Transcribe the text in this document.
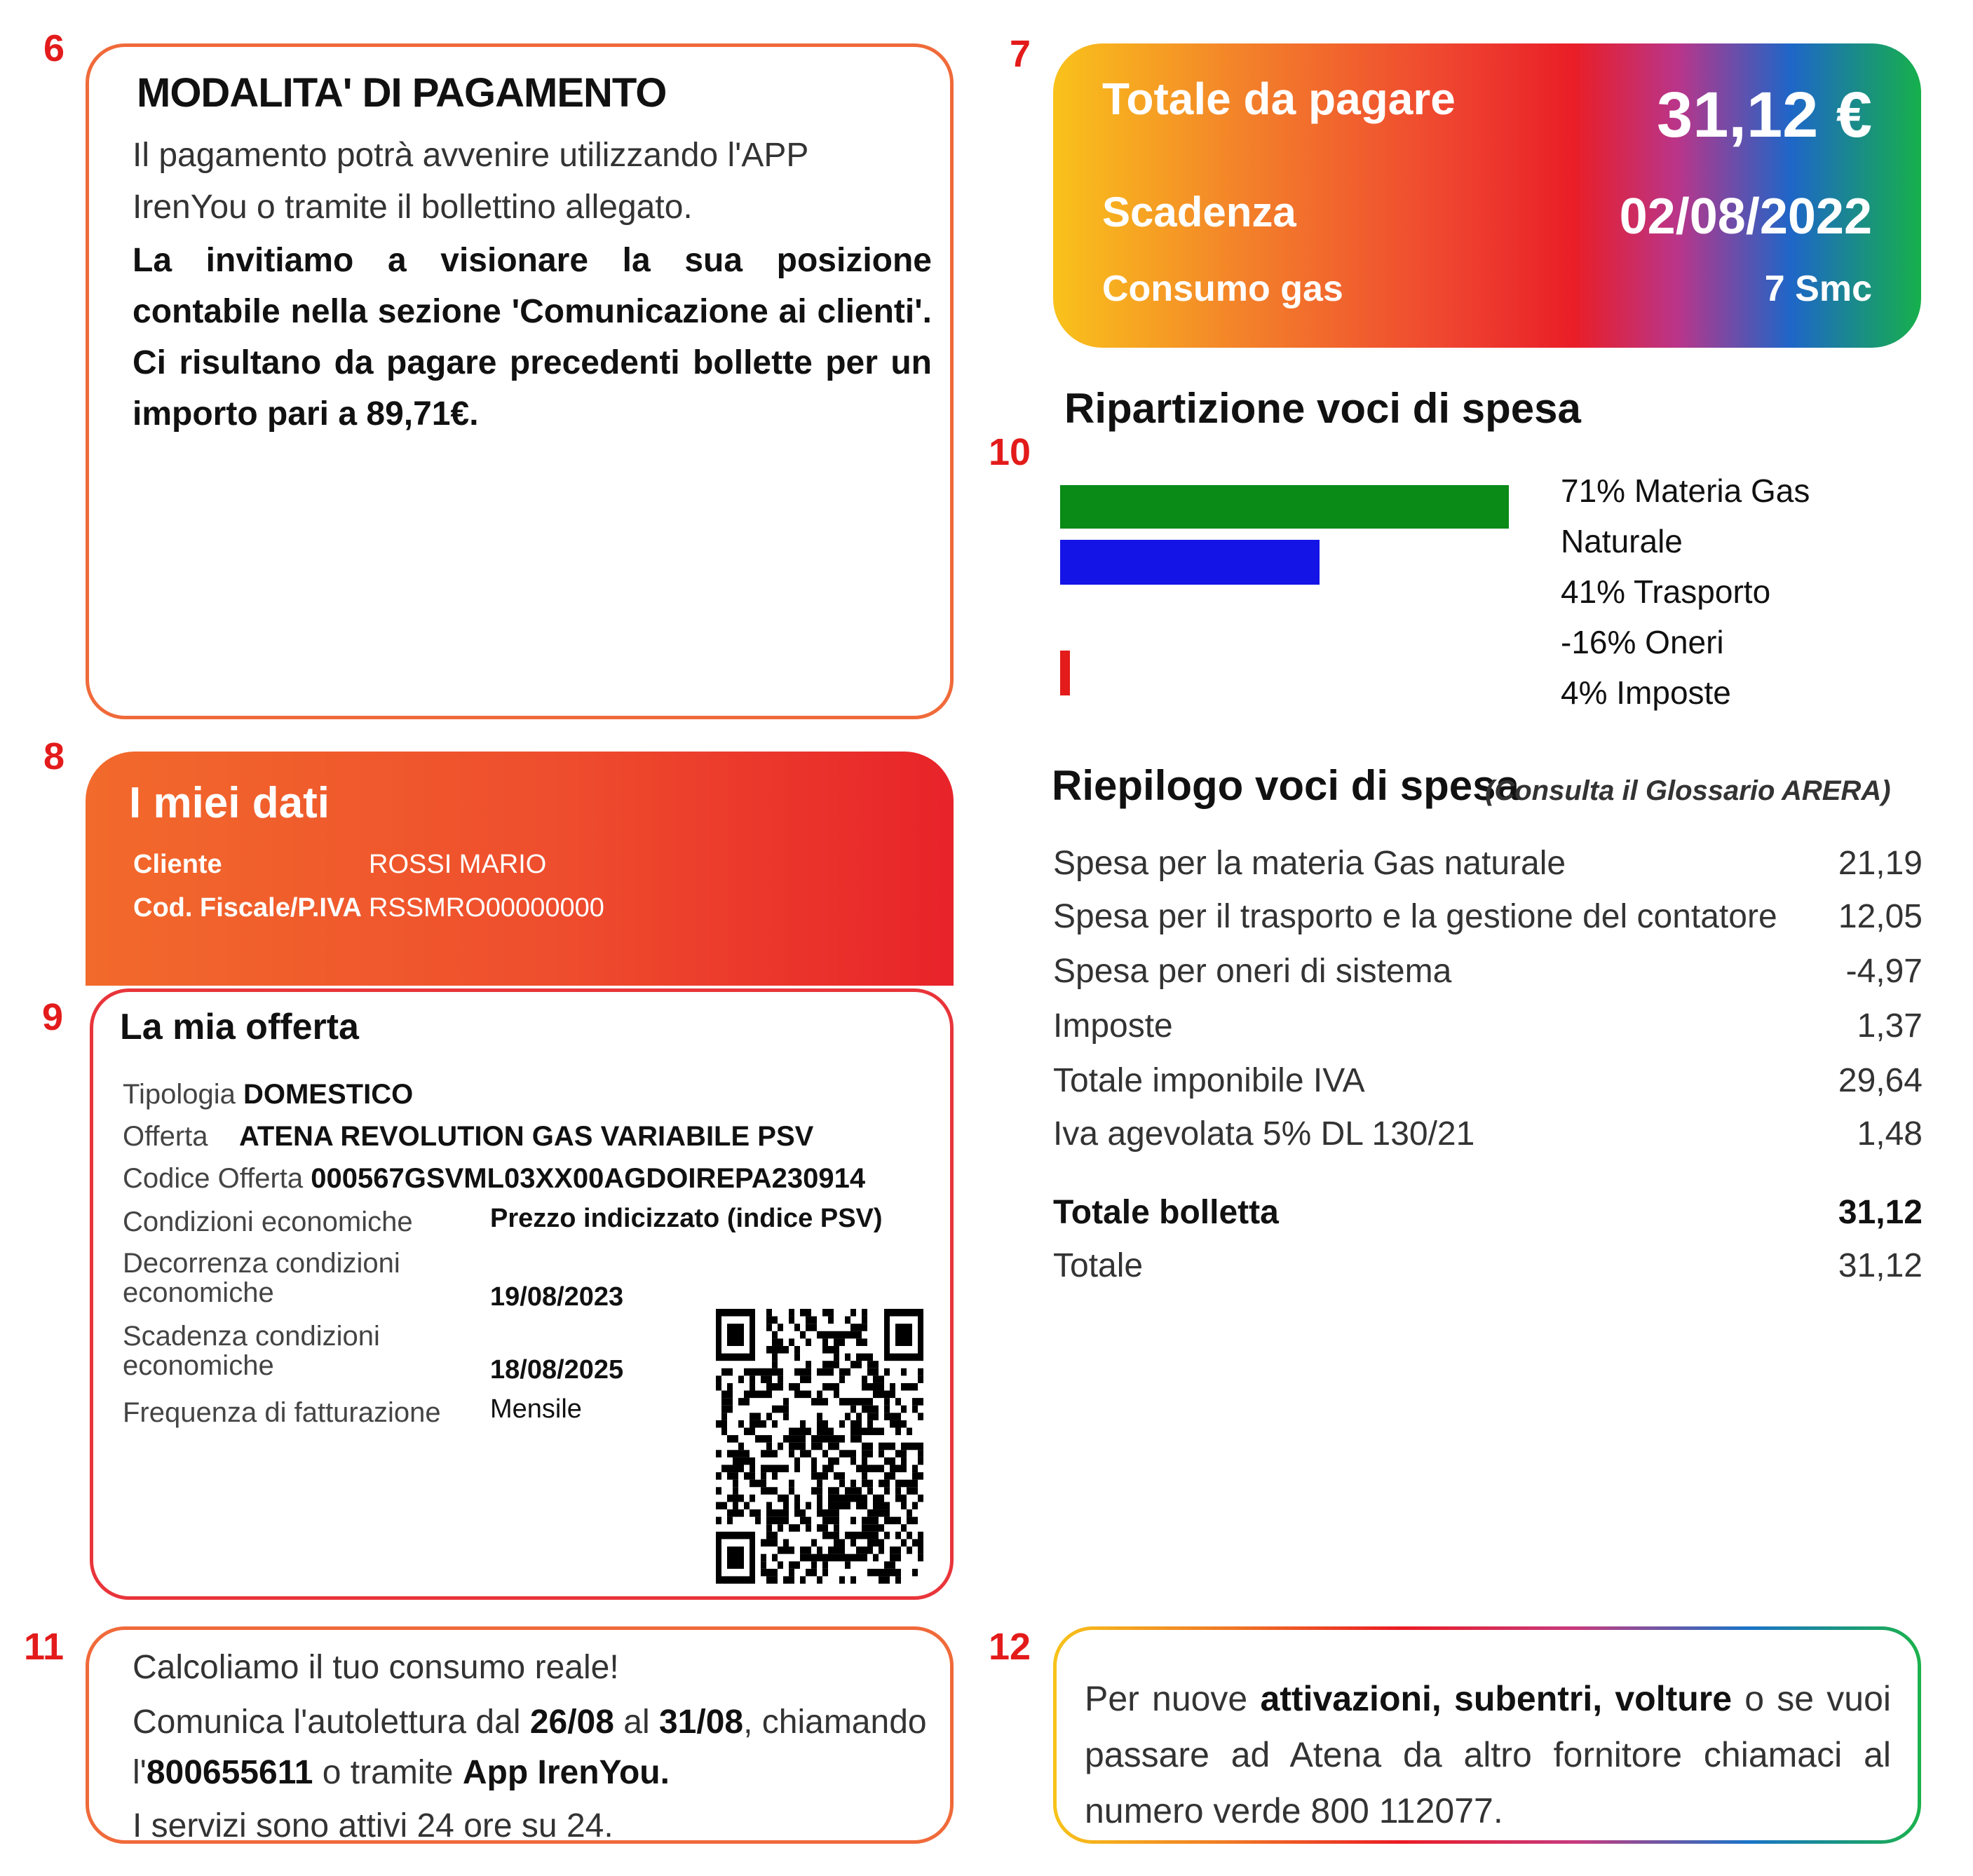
6	7
8
9
10
11	12
MODALITA' DI PAGAMENTO
Il pagamento potrà avvenire utilizzando l'APP IrenYou o tramite il bollettino allegato.
La invitiamo a visionare la sua posizione contabile nella sezione 'Comunicazione ai clienti'. Ci risultano da pagare precedenti bollette per un importo pari a 89,71€.
Totale da pagare	31,12 €
Scadenza	02/08/2022
Consumo gas	7 Smc
Ripartizione voci di spesa
71% Materia Gas
Naturale
41% Trasporto
-16% Oneri
4% Imposte
I miei dati
Cliente	ROSSI MARIO
Cod. Fiscale/P.IVA RSSMRO00000000
La mia offerta
Tipologia DOMESTICO
Offerta ATENA REVOLUTION GAS VARIABILE PSV
Codice Offerta 000567GSVML03XX00AGDOIREPA230914
Condizioni economiche	Prezzo indicizzato (indice PSV)
Decorrenza condizioni
economiche	19/08/2023
Scadenza condizioni
economiche	18/08/2025
Frequenza di fatturazione Mensile
Calcoliamo il tuo consumo reale!
Comunica l'autolettura dal 26/08 al 31/08, chiamando
l'800655611 o tramite App IrenYou.
I servizi sono attivi 24 ore su 24.
Per nuove attivazioni, subentri, volture o se vuoi passare ad Atena da altro fornitore chiamaci al numero verde 800 112077.
Riepilogo voci di spesa
(Consulta il Glossario ARERA)
Spesa per la materia Gas naturale	21,19
Spesa per il trasporto e la gestione del contatore 12,05
Spesa per oneri di sistema	-4,97
Imposte	1,37
Totale imponibile IVA	29,64
Iva agevolata 5% DL 130/21	1,48
Totale bolletta	31,12
Totale	31,12
